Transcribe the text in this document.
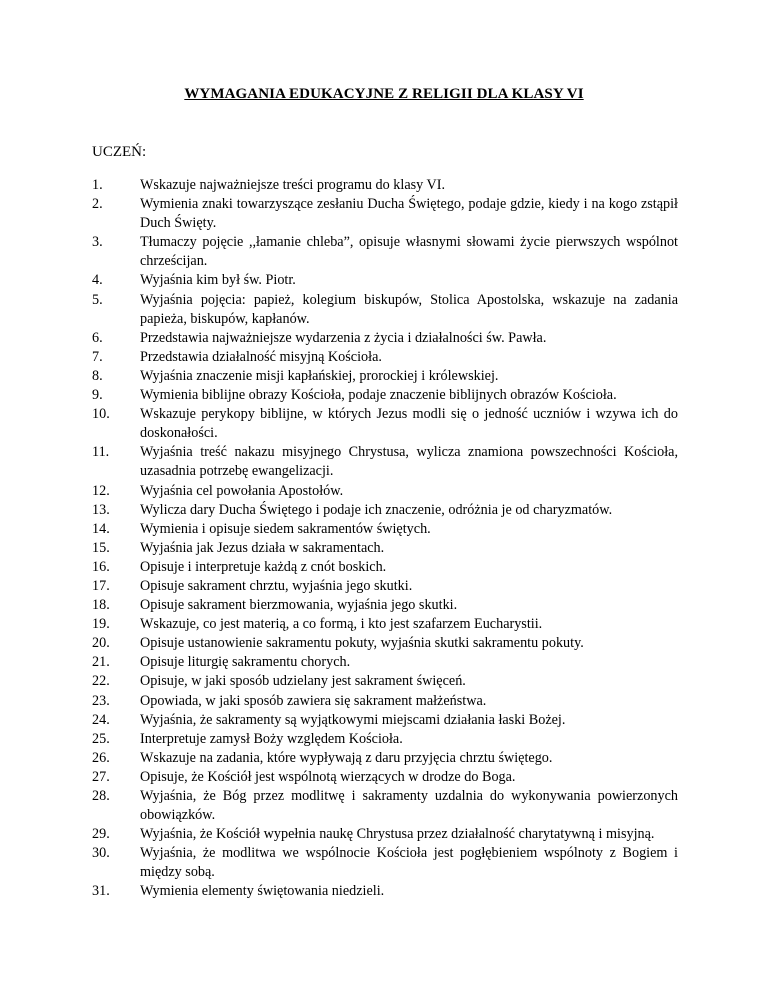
WYMAGANIA EDUKACYJNE Z RELIGII DLA KLASY VI
UCZEŃ:
1.	Wskazuje najważniejsze treści programu do klasy VI.
2.	Wymienia znaki towarzyszące zesłaniu Ducha Świętego, podaje gdzie, kiedy i na kogo zstąpił Duch Święty.
3.	Tłumaczy pojęcie ,,łamanie chleba”, opisuje własnymi słowami życie pierwszych wspólnot chrześcijan.
4.	Wyjaśnia kim był św. Piotr.
5.	Wyjaśnia pojęcia: papież, kolegium biskupów, Stolica Apostolska, wskazuje na zadania papieża, biskupów, kapłanów.
6.	Przedstawia najważniejsze wydarzenia z życia i działalności św. Pawła.
7.	Przedstawia działalność misyjną Kościoła.
8.	Wyjaśnia znaczenie misji kapłańskiej, prorockiej i królewskiej.
9.	Wymienia biblijne obrazy Kościoła, podaje znaczenie biblijnych obrazów Kościoła.
10.	Wskazuje perykopy biblijne, w których Jezus modli się o jedność uczniów i wzywa ich do doskonałości.
11.	Wyjaśnia treść nakazu misyjnego Chrystusa, wylicza znamiona powszechności Kościoła, uzasadnia potrzebę ewangelizacji.
12.	Wyjaśnia cel powołania Apostołów.
13.	Wylicza dary Ducha Świętego i podaje ich znaczenie, odróżnia je od charyzmatów.
14.	Wymienia i opisuje siedem sakramentów świętych.
15.	Wyjaśnia jak Jezus działa w sakramentach.
16.	Opisuje i interpretuje każdą z cnót boskich.
17.	Opisuje sakrament chrztu, wyjaśnia jego skutki.
18.	Opisuje sakrament bierzmowania, wyjaśnia jego skutki.
19.	Wskazuje, co jest materią, a co formą, i kto jest szafarzem Eucharystii.
20.	Opisuje ustanowienie sakramentu pokuty, wyjaśnia skutki sakramentu pokuty.
21.	Opisuje liturgię sakramentu chorych.
22.	Opisuje, w jaki sposób udzielany jest sakrament święceń.
23.	Opowiada, w jaki sposób zawiera się sakrament małżeństwa.
24.	Wyjaśnia, że sakramenty są wyjątkowymi miejscami działania łaski Bożej.
25.	Interpretuje zamysł Boży względem Kościoła.
26.	Wskazuje na zadania, które wypływają z daru przyjęcia chrztu świętego.
27.	Opisuje, że Kościół jest wspólnotą wierzących w drodze do Boga.
28.	Wyjaśnia, że Bóg przez modlitwę i sakramenty uzdalnia do wykonywania powierzonych obowiązków.
29.	Wyjaśnia, że Kościół wypełnia naukę Chrystusa przez działalność charytatywną i misyjną.
30.	Wyjaśnia, że modlitwa we wspólnocie Kościoła jest pogłębieniem wspólnoty z Bogiem i między sobą.
31.	Wymienia elementy świętowania niedzieli.
